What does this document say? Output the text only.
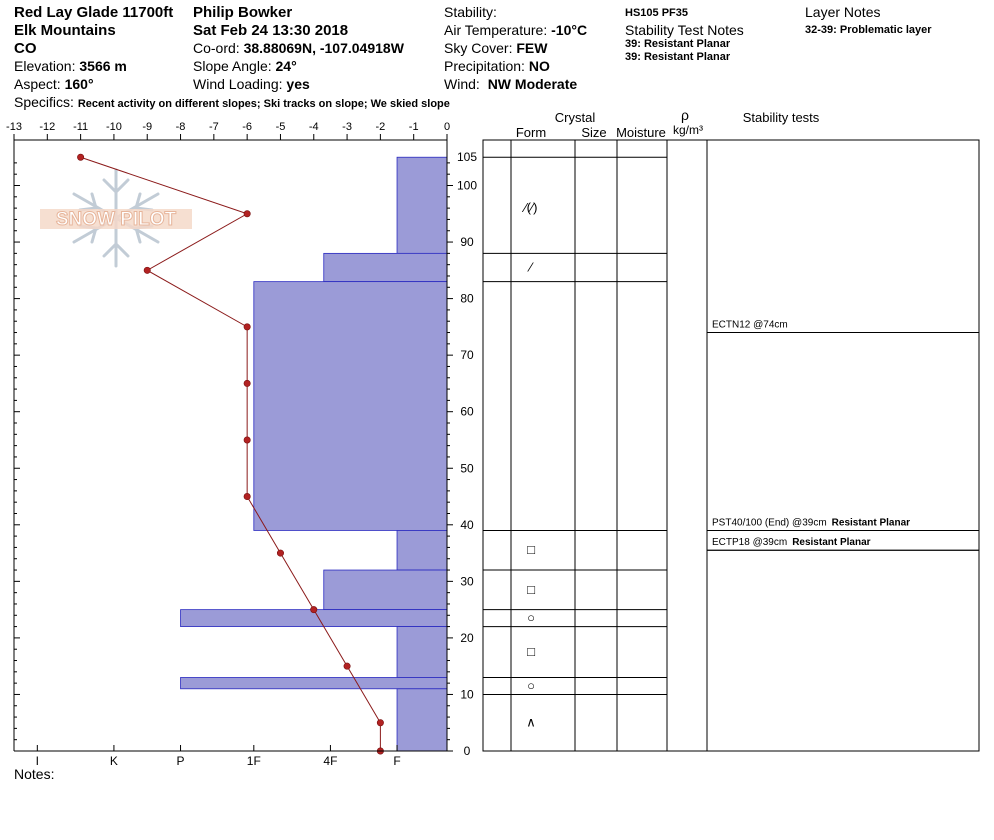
Red Lay Glade 11700ft
Elk Mountains
CO
Elevation: 3566 m
Aspect: 160°
Philip Bowker
Sat Feb 24 13:30 2018
Co-ord: 38.88069N, -107.04918W
Slope Angle: 24°
Wind Loading: yes
Stability:
Air Temperature: -10°C
Sky Cover: FEW
Precipitation: NO
Wind: NW Moderate
HS105 PF35
Stability Test Notes
39: Resistant Planar
39: Resistant Planar
Layer Notes
32-39: Problematic layer
Specifics: Recent activity on different slopes; Ski tracks on slope; We skied slope
-13 -12 -11 -10 -9 -8 -7 -6 -5 -4 -3 -2 -1 0
SNOW PILOT
0
10
20
30
40
50
60
70
80
90
100
105
I	K	P	1F	4F	F
Crystal
Form	Size Moisture
ρ
kg/m³
Stability tests
⁄(⁄)
⁄
□
□
○
□
○
∧
ECTN12 @74cm
PST40/100 (End) @39cm Resistant Planar
ECTP18 @39cm Resistant Planar
Notes:
